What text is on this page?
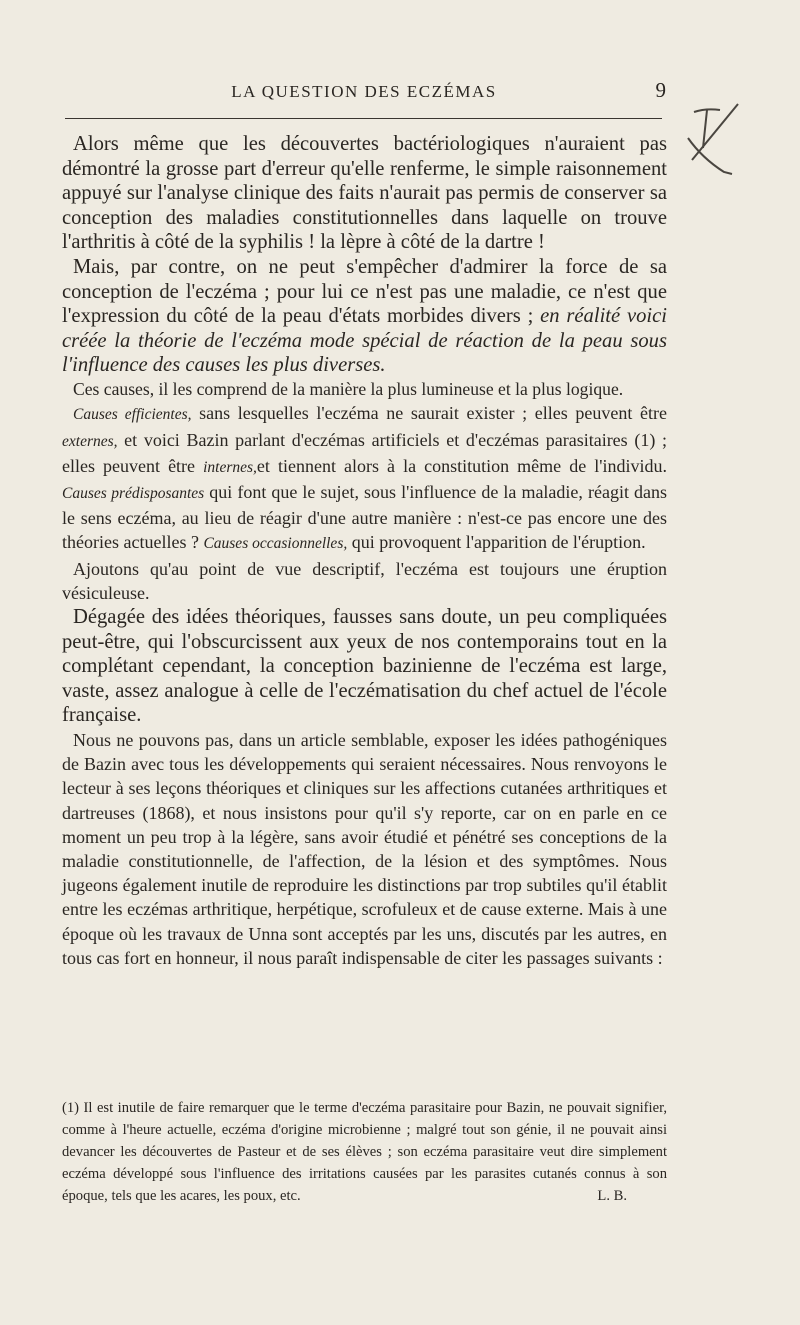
LA QUESTION DES ECZÉMAS	9

Alors même que les découvertes bactériologiques n'auraient pas démontré la grosse part d'erreur qu'elle renferme, le simple raisonnement appuyé sur l'analyse clinique des faits n'aurait pas permis de conserver sa conception des maladies constitutionnelles dans laquelle on trouve l'arthritis à côté de la syphilis ! la lèpre à côté de la dartre !

Mais, par contre, on ne peut s'empêcher d'admirer la force de sa conception de l'eczéma ; pour lui ce n'est pas une maladie, ce n'est que l'expression du côté de la peau d'états morbides divers ; en réalité voici créée la théorie de l'eczéma mode spécial de réaction de la peau sous l'influence des causes les plus diverses.

Ces causes, il les comprend de la manière la plus lumineuse et la plus logique.

Causes efficientes, sans lesquelles l'eczéma ne saurait exister ; elles peuvent être externes, et voici Bazin parlant d'eczémas artificiels et d'eczémas parasitaires (1) ; elles peuvent être internes,et tiennent alors à la constitution même de l'individu. Causes prédisposantes qui font que le sujet, sous l'influence de la maladie, réagit dans le sens eczéma, au lieu de réagir d'une autre manière : n'est-ce pas encore une des théories actuelles ? Causes occasionnelles, qui provoquent l'apparition de l'éruption.

Ajoutons qu'au point de vue descriptif, l'eczéma est toujours une éruption vésiculeuse.

Dégagée des idées théoriques, fausses sans doute, un peu compliquées peut-être, qui l'obscurcissent aux yeux de nos contemporains tout en la complétant cependant, la conception bazinienne de l'eczéma est large, vaste, assez analogue à celle de l'eczématisation du chef actuel de l'école française.

Nous ne pouvons pas, dans un article semblable, exposer les idées pathogéniques de Bazin avec tous les développements qui seraient nécessaires. Nous renvoyons le lecteur à ses leçons théoriques et cliniques sur les affections cutanées arthritiques et dartreuses (1868), et nous insistons pour qu'il s'y reporte, car on en parle en ce moment un peu trop à la légère, sans avoir étudié et pénétré ses conceptions de la maladie constitutionnelle, de l'affection, de la lésion et des symptômes. Nous jugeons également inutile de reproduire les distinctions par trop subtiles qu'il établit entre les eczémas arthritique, herpétique, scrofuleux et de cause externe. Mais à une époque où les travaux de Unna sont acceptés par les uns, discutés par les autres, en tous cas fort en honneur, il nous paraît indispensable de citer les passages suivants :

(1) Il est inutile de faire remarquer que le terme d'eczéma parasitaire pour Bazin, ne pouvait signifier, comme à l'heure actuelle, eczéma d'origine microbienne ; malgré tout son génie, il ne pouvait ainsi devancer les découvertes de Pasteur et de ses élèves ; son eczéma parasitaire veut dire simplement eczéma développé sous l'influence des irritations causées par les parasites cutanés connus à son époque, tels que les acares, les poux, etc.	L. B.
